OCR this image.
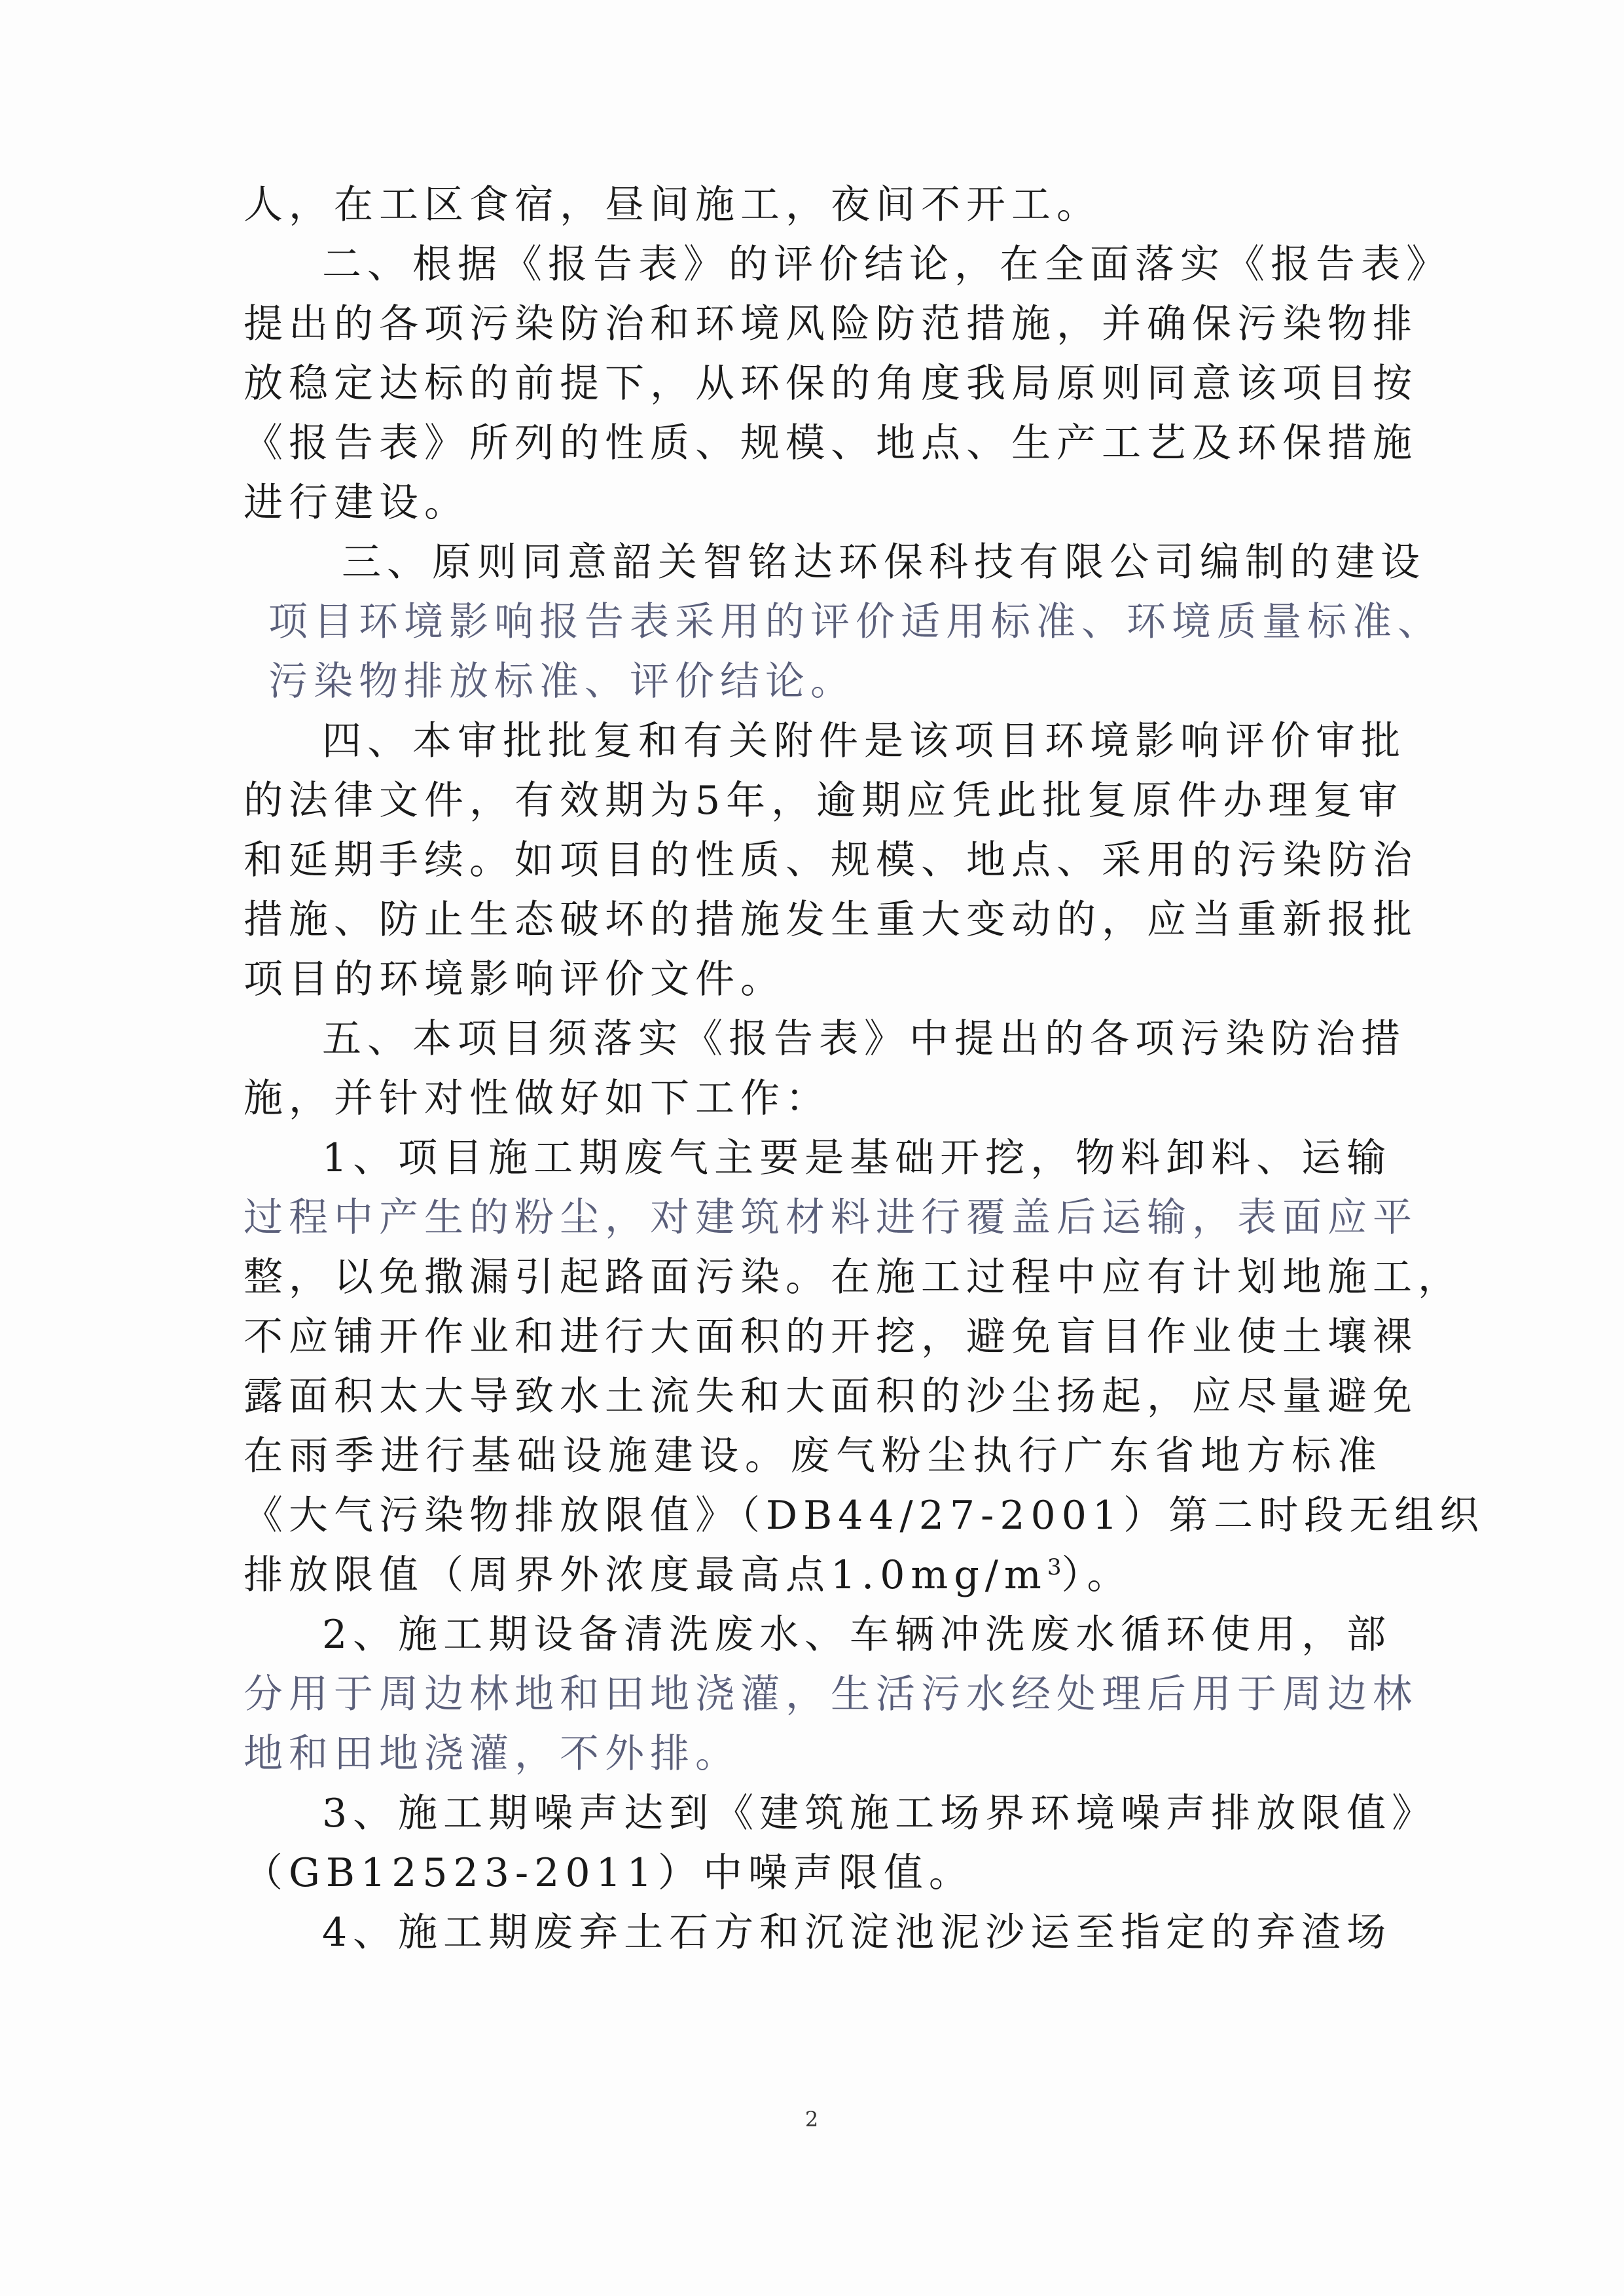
人，在工区食宿，昼间施工，夜间不开工。
二、根据《报告表》的评价结论，在全面落实《报告表》
提出的各项污染防治和环境风险防范措施，并确保污染物排
放稳定达标的前提下，从环保的角度我局原则同意该项目按
《报告表》所列的性质、规模、地点、生产工艺及环保措施
进行建设。
三、原则同意韶关智铭达环保科技有限公司编制的建设
项目环境影响报告表采用的评价适用标准、环境质量标准、
污染物排放标准、评价结论。
四、本审批批复和有关附件是该项目环境影响评价审批
的法律文件，有效期为5年，逾期应凭此批复原件办理复审
和延期手续。如项目的性质、规模、地点、采用的污染防治
措施、防止生态破坏的措施发生重大变动的，应当重新报批
项目的环境影响评价文件。
五、本项目须落实《报告表》中提出的各项污染防治措
施，并针对性做好如下工作：
1、项目施工期废气主要是基础开挖，物料卸料、运输
过程中产生的粉尘，对建筑材料进行覆盖后运输，表面应平
整，以免撒漏引起路面污染。在施工过程中应有计划地施工，
不应铺开作业和进行大面积的开挖，避免盲目作业使土壤裸
露面积太大导致水土流失和大面积的沙尘扬起，应尽量避免
在雨季进行基础设施建设。废气粉尘执行广东省地方标准
《大气污染物排放限值》（DB44/27-2001）第二时段无组织
排放限值（周界外浓度最高点$1.0mg/m^3$）。
2、施工期设备清洗废水、车辆冲洗废水循环使用，部
分用于周边林地和田地浇灌，生活污水经处理后用于周边林
地和田地浇灌，不外排。
3、施工期噪声达到《建筑施工场界环境噪声排放限值》
（GB12523-2011）中噪声限值。
4、施工期废弃土石方和沉淀池泥沙运至指定的弃渣场
2
